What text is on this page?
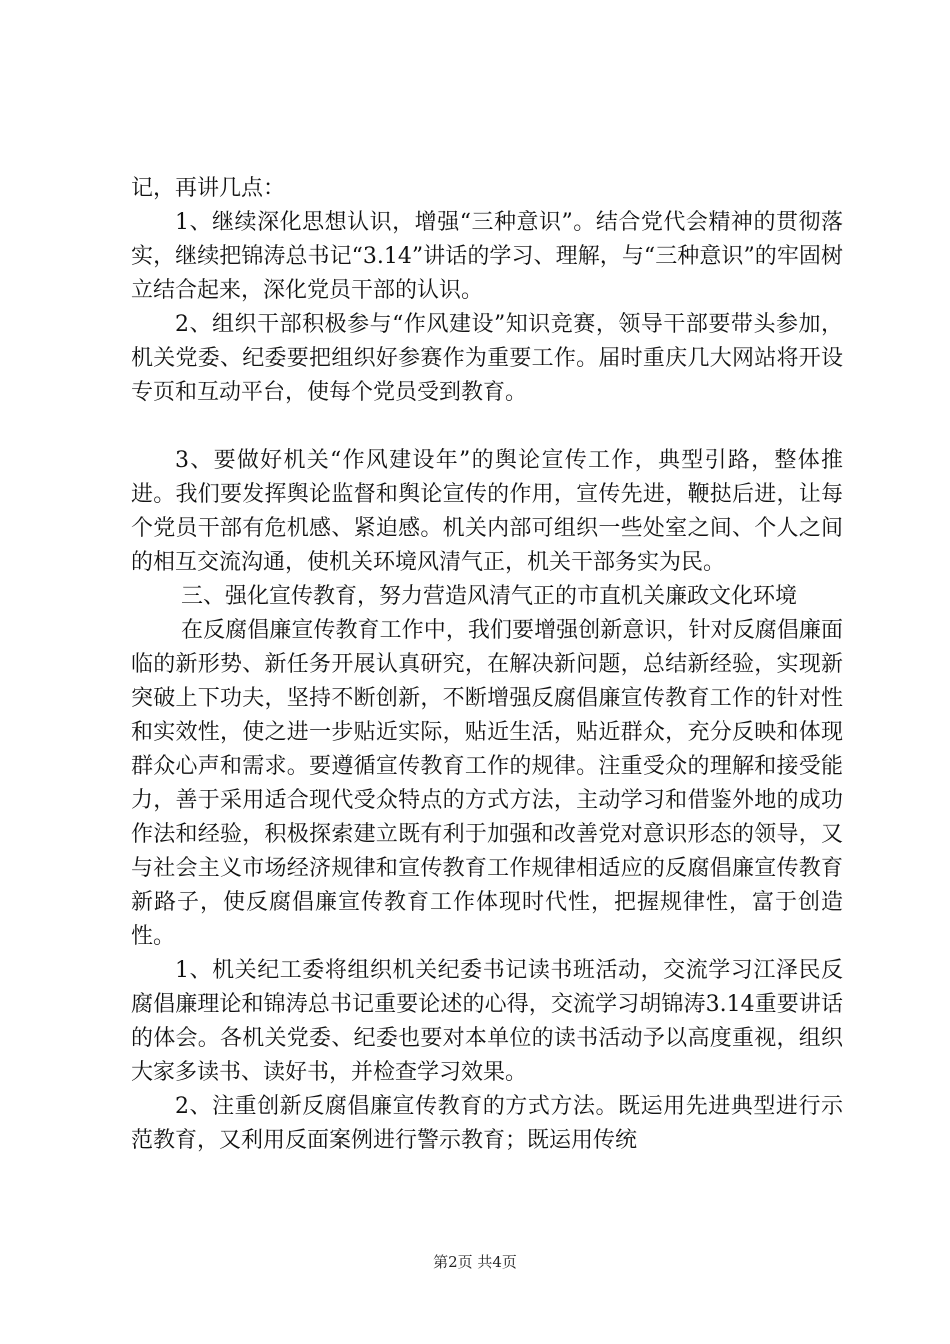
记，再讲几点：

1、继续深化思想认识，增强“三种意识”。结合党代会精神的贯彻落实，继续把锦涛总书记“3.14”讲话的学习、理解，与“三种意识”的牢固树立结合起来，深化党员干部的认识。

2、组织干部积极参与“作风建设”知识竞赛，领导干部要带头参加，机关党委、纪委要把组织好参赛作为重要工作。届时重庆几大网站将开设专页和互动平台，使每个党员受到教育。

3、要做好机关“作风建设年”的舆论宣传工作，典型引路，整体推进。我们要发挥舆论监督和舆论宣传的作用，宣传先进，鞭挞后进，让每个党员干部有危机感、紧迫感。机关内部可组织一些处室之间、个人之间的相互交流沟通，使机关环境风清气正，机关干部务实为民。

三、强化宣传教育，努力营造风清气正的市直机关廉政文化环境

在反腐倡廉宣传教育工作中，我们要增强创新意识，针对反腐倡廉面临的新形势、新任务开展认真研究，在解决新问题，总结新经验，实现新突破上下功夫，坚持不断创新，不断增强反腐倡廉宣传教育工作的针对性和实效性，使之进一步贴近实际，贴近生活，贴近群众，充分反映和体现群众心声和需求。要遵循宣传教育工作的规律。注重受众的理解和接受能力，善于采用适合现代受众特点的方式方法，主动学习和借鉴外地的成功作法和经验，积极探索建立既有利于加强和改善党对意识形态的领导，又与社会主义市场经济规律和宣传教育工作规律相适应的反腐倡廉宣传教育新路子，使反腐倡廉宣传教育工作体现时代性，把握规律性，富于创造性。

1、机关纪工委将组织机关纪委书记读书班活动，交流学习江泽民反腐倡廉理论和锦涛总书记重要论述的心得，交流学习胡锦涛3.14重要讲话的体会。各机关党委、纪委也要对本单位的读书活动予以高度重视，组织大家多读书、读好书，并检查学习效果。

2、注重创新反腐倡廉宣传教育的方式方法。既运用先进典型进行示范教育，又利用反面案例进行警示教育；既运用传统

第2页 共4页
